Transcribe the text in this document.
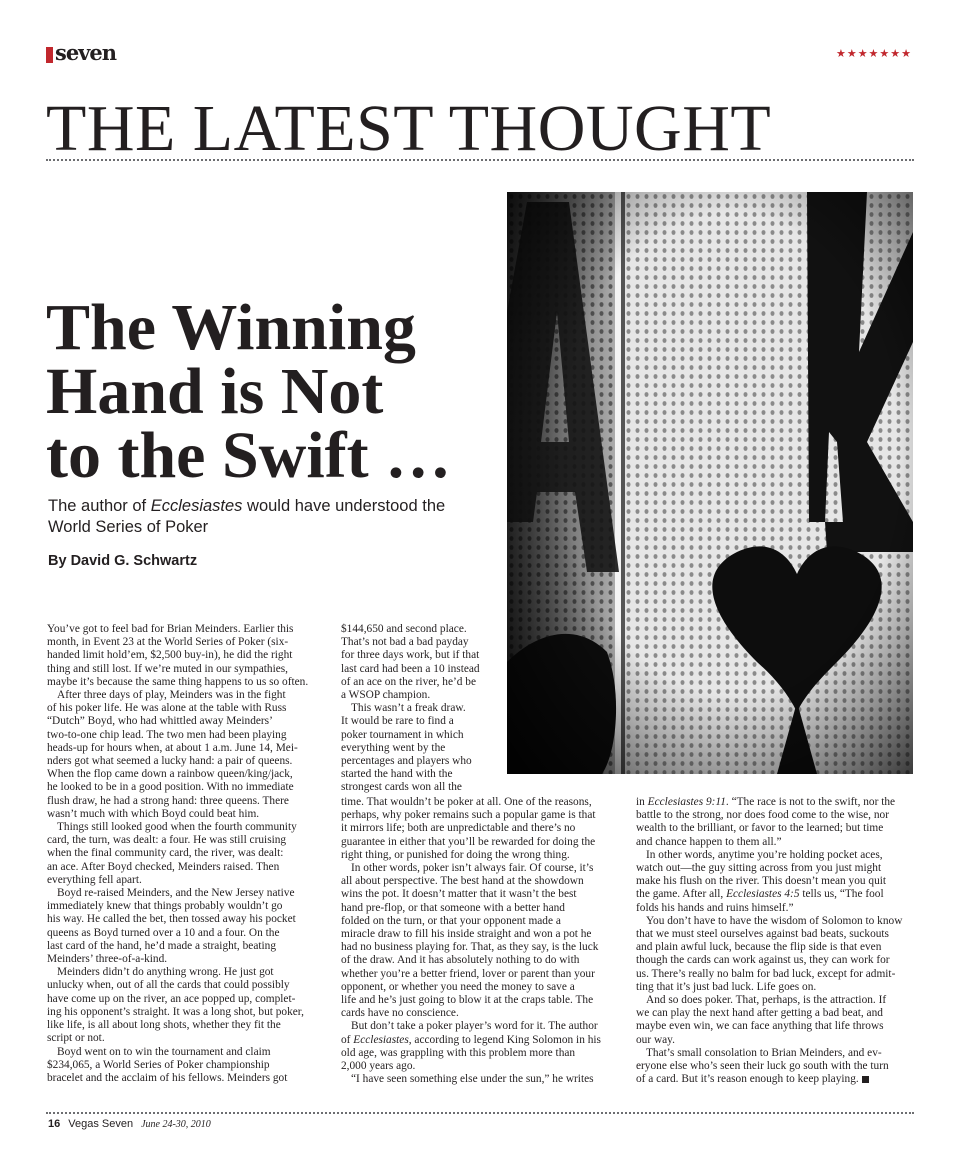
seven	★★★★★★★
THE LATEST THOUGHT
The Winning
Hand is Not
to the Swift …
The author of Ecclesiastes would have understood the World Series of Poker
By David G. Schwartz
You’ve got to feel bad for Brian Meinders. Earlier this
month, in Event 23 at the World Series of Poker (six-
handed limit hold’em, $2,500 buy-in), he did the right
thing and still lost. If we’re muted in our sympathies,
maybe it’s because the same thing happens to us so often.
After three days of play, Meinders was in the fight
of his poker life. He was alone at the table with Russ
“Dutch” Boyd, who had whittled away Meinders’
two-to-one chip lead. The two men had been playing
heads-up for hours when, at about 1 a.m. June 14, Mei-
nders got what seemed a lucky hand: a pair of queens.
When the flop came down a rainbow queen/king/jack,
he looked to be in a good position. With no immediate
flush draw, he had a strong hand: three queens. There
wasn’t much with which Boyd could beat him.
Things still looked good when the fourth community
card, the turn, was dealt: a four. He was still cruising
when the final community card, the river, was dealt:
an ace. After Boyd checked, Meinders raised. Then
everything fell apart.
Boyd re-raised Meinders, and the New Jersey native
immediately knew that things probably wouldn’t go
his way. He called the bet, then tossed away his pocket
queens as Boyd turned over a 10 and a four. On the
last card of the hand, he’d made a straight, beating
Meinders’ three-of-a-kind.
Meinders didn’t do anything wrong. He just got
unlucky when, out of all the cards that could possibly
have come up on the river, an ace popped up, complet-
ing his opponent’s straight. It was a long shot, but poker,
like life, is all about long shots, whether they fit the
script or not.
Boyd went on to win the tournament and claim
$234,065, a World Series of Poker championship
bracelet and the acclaim of his fellows. Meinders got
$144,650 and second place.
That’s not bad a bad payday
for three days work, but if that
last card had been a 10 instead
of an ace on the river, he’d be
a WSOP champion.
This wasn’t a freak draw.
It would be rare to find a
poker tournament in which
everything went by the
percentages and players who
started the hand with the
strongest cards won all the
time. That wouldn’t be poker at all. One of the reasons,
perhaps, why poker remains such a popular game is that
it mirrors life; both are unpredictable and there’s no
guarantee in either that you’ll be rewarded for doing the
right thing, or punished for doing the wrong thing.
In other words, poker isn’t always fair. Of course, it’s
all about perspective. The best hand at the showdown
wins the pot. It doesn’t matter that it wasn’t the best
hand pre-flop, or that someone with a better hand
folded on the turn, or that your opponent made a
miracle draw to fill his inside straight and won a pot he
had no business playing for. That, as they say, is the luck
of the draw. And it has absolutely nothing to do with
whether you’re a better friend, lover or parent than your
opponent, or whether you need the money to save a
life and he’s just going to blow it at the craps table. The
cards have no conscience.
But don’t take a poker player’s word for it. The author
of Ecclesiastes, according to legend King Solomon in his
old age, was grappling with this problem more than
2,000 years ago.
“I have seen something else under the sun,” he writes
in Ecclesiastes 9:11. “The race is not to the swift, nor the
battle to the strong, nor does food come to the wise, nor
wealth to the brilliant, or favor to the learned; but time
and chance happen to them all.”
In other words, anytime you’re holding pocket aces,
watch out—the guy sitting across from you just might
make his flush on the river. This doesn’t mean you quit
the game. After all, Ecclesiastes 4:5 tells us, “The fool
folds his hands and ruins himself.”
You don’t have to have the wisdom of Solomon to know
that we must steel ourselves against bad beats, suckouts
and plain awful luck, because the flip side is that even
though the cards can work against us, they can work for
us. There’s really no balm for bad luck, except for admit-
ting that it’s just bad luck. Life goes on.
And so does poker. That, perhaps, is the attraction. If
we can play the next hand after getting a bad beat, and
maybe even win, we can face anything that life throws
our way.
That’s small consolation to Brian Meinders, and ev-
eryone else who’s seen their luck go south with the turn
of a card. But it’s reason enough to keep playing.
16 Vegas Seven June 24-30, 2010
